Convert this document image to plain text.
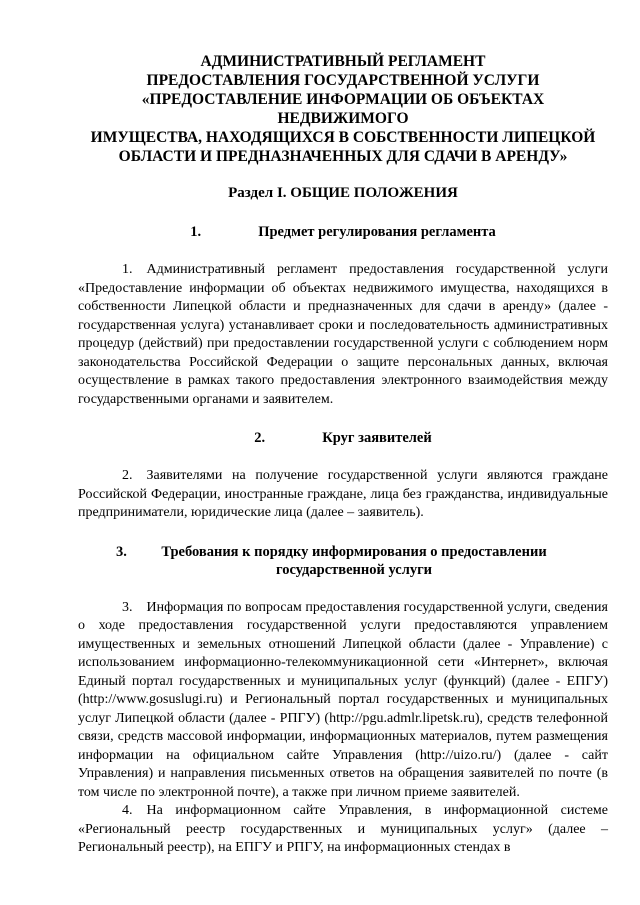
АДМИНИСТРАТИВНЫЙ РЕГЛАМЕНТ
ПРЕДОСТАВЛЕНИЯ ГОСУДАРСТВЕННОЙ УСЛУГИ
«ПРЕДОСТАВЛЕНИЕ ИНФОРМАЦИИ ОБ ОБЪЕКТАХ НЕДВИЖИМОГО
ИМУЩЕСТВА, НАХОДЯЩИХСЯ В СОБСТВЕННОСТИ ЛИПЕЦКОЙ
ОБЛАСТИ И ПРЕДНАЗНАЧЕННЫХ ДЛЯ СДАЧИ В АРЕНДУ»
Раздел I. ОБЩИЕ ПОЛОЖЕНИЯ
1.	Предмет регулирования регламента

1. Административный регламент предоставления государственной услуги «Предоставление информации об объектах недвижимого имущества, находящихся в собственности Липецкой области и предназначенных для сдачи в аренду» (далее - государственная услуга) устанавливает сроки и последовательность административных процедур (действий) при предоставлении государственной услуги с соблюдением норм законодательства Российской Федерации о защите персональных данных, включая осуществление в рамках такого предоставления электронного взаимодействия между государственными органами и заявителем.

2.	Круг заявителей

2. Заявителями на получение государственной услуги являются граждане Российской Федерации, иностранные граждане, лица без гражданства, индивидуальные предприниматели, юридические лица (далее – заявитель).

3.	Требования к порядку информирования о предоставлении государственной услуги

3. Информация по вопросам предоставления государственной услуги, сведения о ходе предоставления государственной услуги предоставляются управлением имущественных и земельных отношений Липецкой области (далее - Управление) с использованием информационно-телекоммуникационной сети «Интернет», включая Единый портал государственных и муниципальных услуг (функций) (далее - ЕПГУ) (http://www.gosuslugi.ru) и Региональный портал государственных и муниципальных услуг Липецкой области (далее - РПГУ) (http://pgu.admlr.lipetsk.ru), средств телефонной связи, средств массовой информации, информационных материалов, путем размещения информации на официальном сайте Управления (http://uizo.ru/) (далее - сайт Управления) и направления письменных ответов на обращения заявителей по почте (в том числе по электронной почте), а также при личном приеме заявителей.

4. На информационном сайте Управления, в информационной системе «Региональный реестр государственных и муниципальных услуг» (далее – Региональный реестр), на ЕПГУ и РПГУ, на информационных стендах в
